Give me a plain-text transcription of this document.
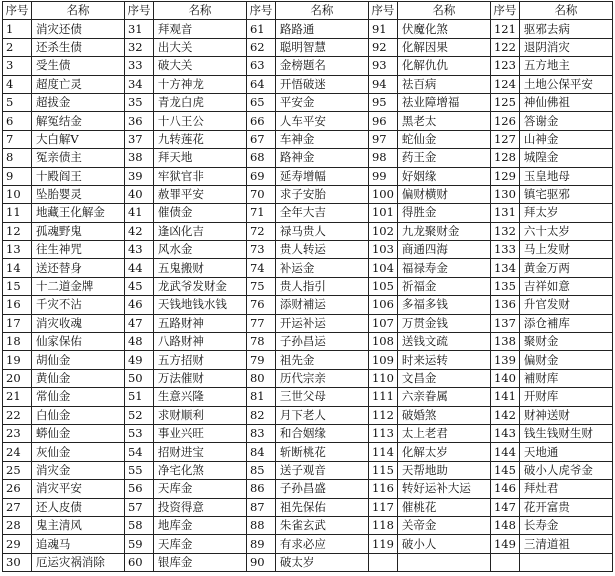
序号	名称	序号	名称	序号	名称	序号	名称	序号	名称
1	消灾还债	31	拜观音	61	路路通	91	伏魔化煞	121	驱邪去病
2	还杀生债	32	出大关	62	聪明智慧	92	化解因果	122	退阴消灾
3	受生债	33	破大关	63	金榜题名	93	化解仇仇	123	五方地主
4	超度亡灵	34	十方神龙	64	开悟破迷	94	祛百病	124	土地公保平安
5	超拔金	35	青龙白虎	65	平安金	95	祛业障增福	125	神仙佛祖
6	解冤结金	36	十八王公	66	人车平安	96	黑老太	126	答谢金
7	大白解V	37	九转莲花	67	车神金	97	蛇仙金	127	山神金
8	冤亲债主	38	拜天地	68	路神金	98	药王金	128	城隍金
9	十殿阎王	39	牢狱官非	69	延寿增幅	99	好姻缘	129	玉皇地母
10	坠胎婴灵	40	赦罪平安	70	求子安胎	100	偏财横财	130	镇宅驱邪
11	地藏王化解金	41	催债金	71	全年大吉	101	得胜金	131	拜太岁
12	孤魂野鬼	42	逢凶化吉	72	禄马贵人	102	九龙聚财金	132	六十太岁
13	往生神咒	43	风水金	73	贵人转运	103	商通四海	133	马上发财
14	送还替身	44	五鬼搬财	74	补运金	104	福禄寿金	134	黄金万两
15	十二道金牌	45	龙武爷发财金	75	贵人指引	105	祈福金	135	吉祥如意
16	千灾不沾	46	天钱地钱水钱	76	添财補运	106	多福多钱	136	升官发财
17	消灾收魂	47	五路财神	77	开运补运	107	万贯金钱	137	添仓補库
18	仙家保佑	48	八路财神	78	子孙昌运	108	送钱文疏	138	聚财金
19	胡仙金	49	五方招财	79	祖先金	109	时来运转	139	偏财金
20	黄仙金	50	万法催财	80	历代宗亲	110	文昌金	140	補财库
21	常仙金	51	生意兴隆	81	三世父母	111	六亲眷属	141	开财库
22	白仙金	52	求财顺利	82	月下老人	112	破婚煞	142	财神送财
23	蟒仙金	53	事业兴旺	83	和合姻缘	113	太上老君	143	钱生钱财生财
24	灰仙金	54	招财进宝	84	斩断桃花	114	化解太岁	144	天地通
25	消灾金	55	净宅化煞	85	送子观音	115	天帮地助	145	破小人虎爷金
26	消灾平安	56	天库金	86	子孙昌盛	116	转好运补大运	146	拜灶君
27	还人皮债	57	投资得意	87	祖先保佑	117	催桃花	147	花开富贵
28	鬼主清风	58	地库金	88	朱雀玄武	118	关帝金	148	长寿金
29	追魂马	59	天库金	89	有求必应	119	破小人	149	三清道祖
30	厄运灾祸消除	60	银库金	90	破太岁				
